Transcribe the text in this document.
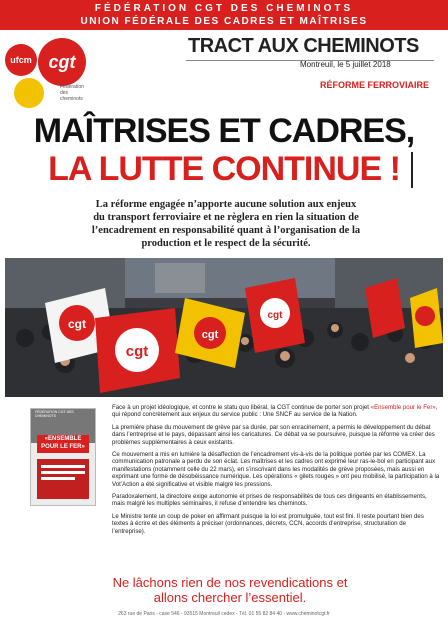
FÉDÉRATION CGT DES CHEMINOTS
UNION FÉDÉRALE DES CADRES ET MAÎTRISES
ufcm cgt
Fédération des cheminots
TRACT AUX CHEMINOTS
Montreuil, le 5 juillet 2018
RÉFORME FERROVIAIRE
MAÎTRISES ET CADRES,
LA LUTTE CONTINUE !
La réforme engagée n’apporte aucune solution aux enjeux du transport ferroviaire et ne règlera en rien la situation de l’encadrement en responsabilité quant à l’organisation de la production et le respect de la sécurité.
cgt
cgt
cgt
cgt
FÉDÉRATION CGT DES CHEMINOTS
«ENSEMBLE POUR LE FER»

Face à un projet idéologique, et contre le statu quo libéral, la CGT continue de porter son projet «Ensemble pour le Fer», qui répond concrètement aux enjeux du service public : Une SNCF au service de la Nation.

La première phase du mouvement de grève par sa durée, par son enracinement, a permis le développement du débat dans l’entreprise et le pays, dépassant ainsi les caricatures. Ce débat va se poursuivre, puisque la réforme va créer des problèmes supplémentaires à ceux existants.

Ce mouvement a mis en lumière la désaffection de l’encadrement vis-à-vis de la politique portée par les COMEX. La communication patronale a perdu de son éclat. Les maîtrises et les cadres ont exprimé leur ras-le-bol en participant aux manifestations (notamment celle du 22 mars), en s’inscrivant dans les modalités de grève proposées, mais aussi en exprimant une forme de désobéissance numérique. Les opérations « gilets rouges » ont peu mobilisé, la participation à la Vot’Action a été significative et visible malgré les pressions.

Paradoxalement, la directoire exige autonomie et prises de responsabilités de tous ces dirigeants en établissements, mais malgré les multiples séminaires, il refuse d’entendre les cheminots.

Le Ministre tente un coup de poker en affirmant puisque la loi est promulguée, tout est fini. Il reste pourtant bien des textes à écrire et des éléments à préciser (ordonnances, décrets, CCN, accords d’entreprise, structuration de l’entreprise).

Ne lâchons rien de nos revendications et allons chercher l’essentiel.
263 rue de Paris - case 546 - 93515 Montreuil cedex - Tél. 01 55 82 84 40 - www.cheminotcgt.fr
